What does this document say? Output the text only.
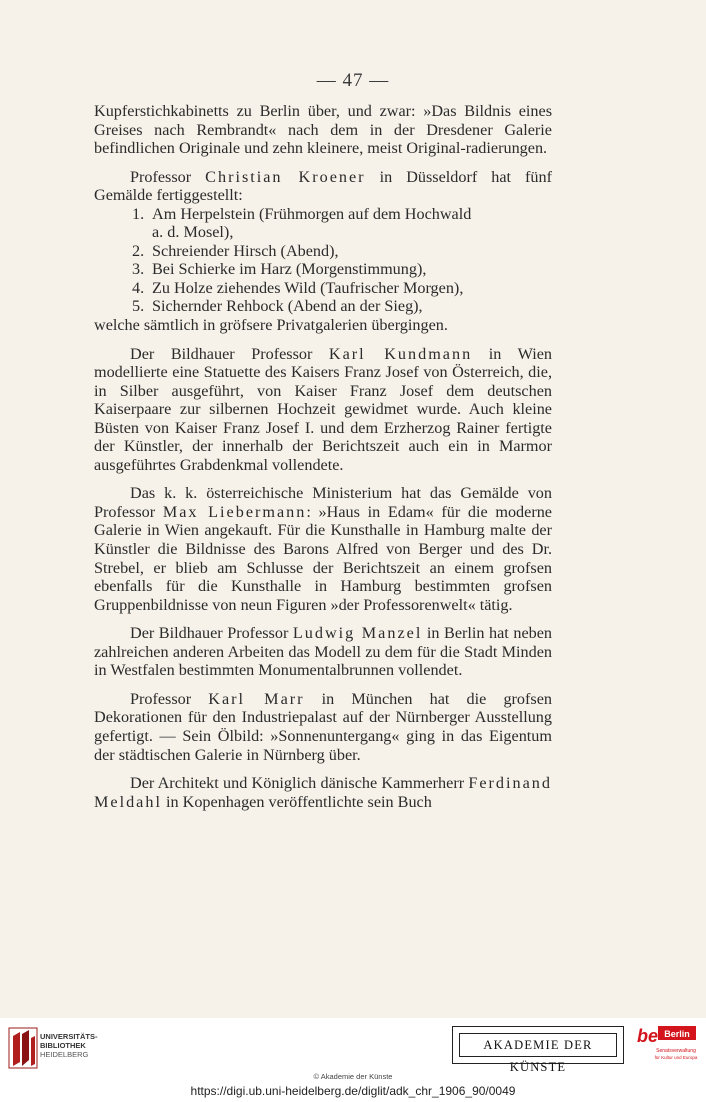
— 47 —

Kupferstichkabinetts zu Berlin über, und zwar: »Das Bildnis eines Greises nach Rembrandt« nach dem in der Dresdener Galerie befindlichen Originale und zehn kleinere, meist Original-radierungen.

Professor Christian Kroener in Düsseldorf hat fünf Gemälde fertiggestellt:

1. Am Herpelstein (Frühmorgen auf dem Hochwald
a. d. Mosel),
2. Schreiender Hirsch (Abend),
3. Bei Schierke im Harz (Morgenstimmung),
4. Zu Holze ziehendes Wild (Taufrischer Morgen),
5. Sichernder Rehbock (Abend an der Sieg),

welche sämtlich in gröfsere Privatgalerien übergingen.

Der Bildhauer Professor Karl Kundmann in Wien modellierte eine Statuette des Kaisers Franz Josef von Österreich, die, in Silber ausgeführt, von Kaiser Franz Josef dem deutschen Kaiserpaare zur silbernen Hochzeit gewidmet wurde. Auch kleine Büsten von Kaiser Franz Josef I. und dem Erzherzog Rainer fertigte der Künstler, der innerhalb der Berichtszeit auch ein in Marmor ausgeführtes Grabdenkmal vollendete.

Das k. k. österreichische Ministerium hat das Gemälde von Professor Max Liebermann: »Haus in Edam« für die moderne Galerie in Wien angekauft. Für die Kunsthalle in Hamburg malte der Künstler die Bildnisse des Barons Alfred von Berger und des Dr. Strebel, er blieb am Schlusse der Berichtszeit an einem grofsen ebenfalls für die Kunsthalle in Hamburg bestimmten grofsen Gruppenbildnisse von neun Figuren »der Professorenwelt« tätig.

Der Bildhauer Professor Ludwig Manzel in Berlin hat neben zahlreichen anderen Arbeiten das Modell zu dem für die Stadt Minden in Westfalen bestimmten Monumentalbrunnen vollendet.

Professor Karl Marr in München hat die grofsen Dekorationen für den Industriepalast auf der Nürnberger Ausstellung gefertigt. — Sein Ölbild: »Sonnenuntergang« ging in das Eigentum der städtischen Galerie in Nürnberg über.

Der Architekt und Königlich dänische Kammerherr Ferdinand Meldahl in Kopenhagen veröffentlichte sein Buch

UNIVERSITÄTS-
BIBLIOTHEK
HEIDELBERG
AKADEMIE DER KÜNSTE
be Berlin
Senatsverwaltung
für Kultur und Europa
© Akademie der Künste
https://digi.ub.uni-heidelberg.de/diglit/adk_chr_1906_90/0049
